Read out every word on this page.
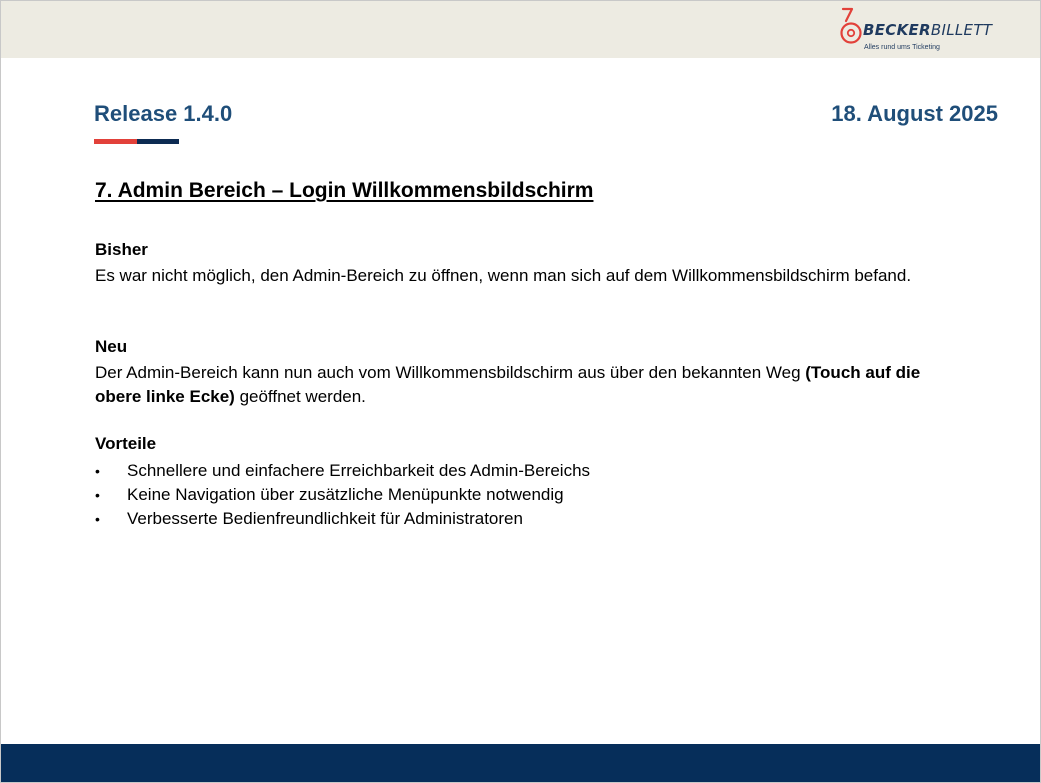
BECKERBILLETT
Alles rund ums Ticketing
Release 1.4.0	18. August 2025
7. Admin Bereich – Login Willkommensbildschirm
Bisher
Es war nicht möglich, den Admin-Bereich zu öffnen, wenn man sich auf dem Willkommensbildschirm befand.
Neu
Der Admin-Bereich kann nun auch vom Willkommensbildschirm aus über den bekannten Weg (Touch auf die obere linke Ecke) geöffnet werden.
Vorteile
• Schnellere und einfachere Erreichbarkeit des Admin-Bereichs
• Keine Navigation über zusätzliche Menüpunkte notwendig
• Verbesserte Bedienfreundlichkeit für Administratoren
